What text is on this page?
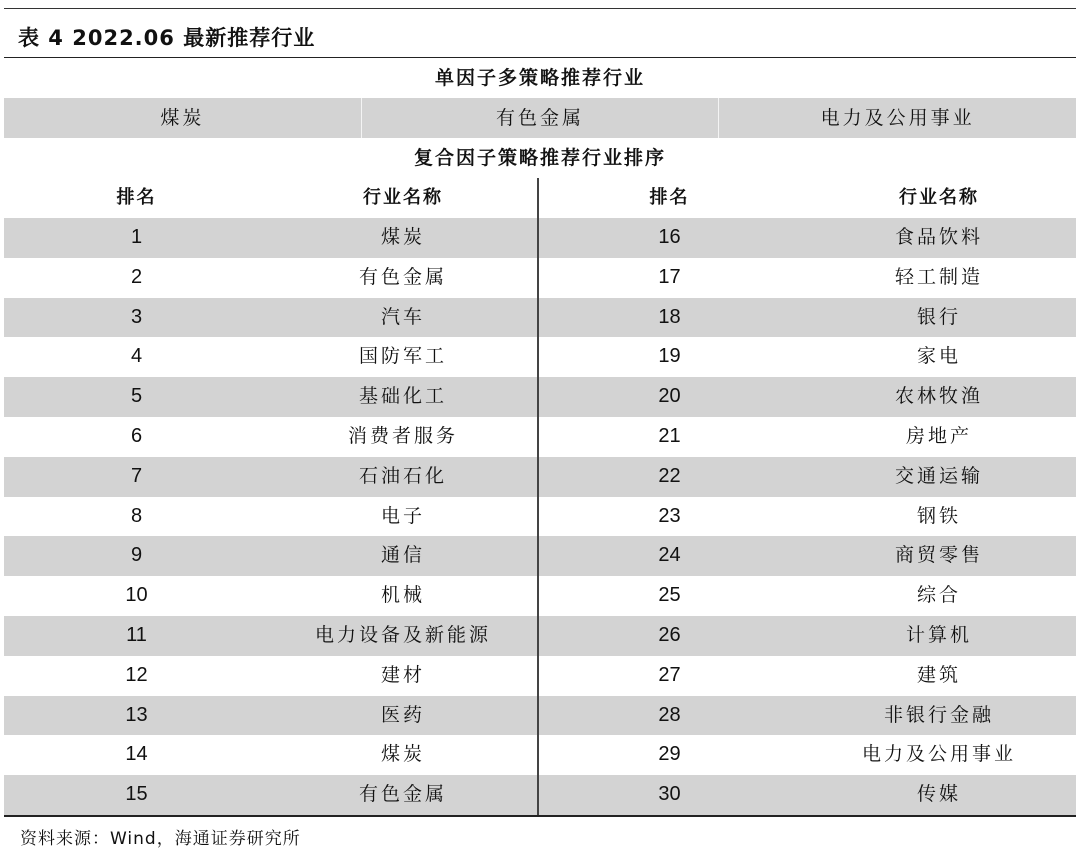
表 4 2022.06 最新推荐行业
单因子多策略推荐行业
煤炭	有色金属	电力及公用事业
复合因子策略推荐行业排序
排名	行业名称	排名	行业名称
1	煤炭	16	食品饮料
2	有色金属	17	轻工制造
3	汽车	18	银行
4	国防军工	19	家电
5	基础化工	20	农林牧渔
6	消费者服务	21	房地产
7	石油石化	22	交通运输
8	电子	23	钢铁
9	通信	24	商贸零售
10	机械	25	综合
11	电力设备及新能源	26	计算机
12	建材	27	建筑
13	医药	28	非银行金融
14	煤炭	29	电力及公用事业
15	有色金属	30	传媒
资料来源：Wind，海通证券研究所
